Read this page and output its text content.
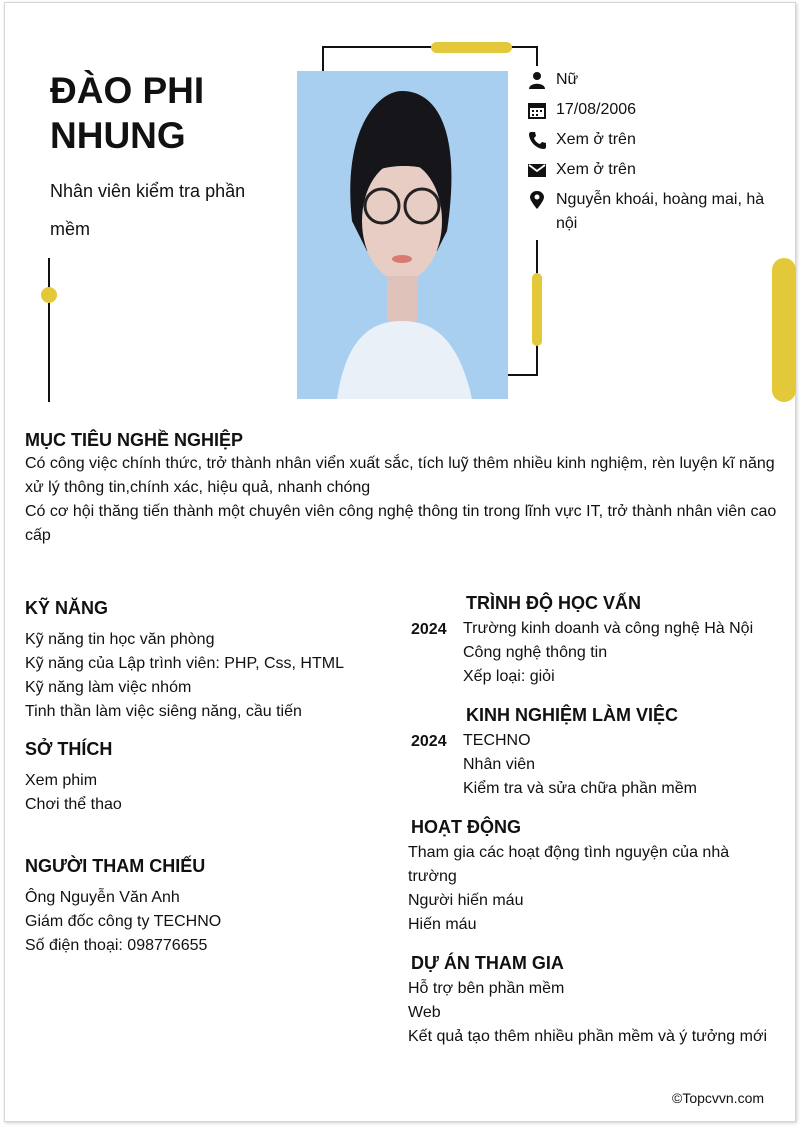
ĐÀO PHI NHUNG
Nhân viên kiểm tra phần mềm
Nữ
17/08/2006
Xem ở trên
Xem ở trên
Nguyễn khoái, hoàng mai, hà nội
MỤC TIÊU NGHỀ NGHIỆP
Có công việc chính thức, trở thành nhân viển xuất sắc, tích luỹ thêm nhiều kinh nghiệm, rèn luyện kĩ năng xử lý thông tin,chính xác, hiệu quả, nhanh chóng
Có cơ hội thăng tiến thành một chuyên viên công nghệ thông tin trong lĩnh vực IT, trở thành nhân viên cao cấp
KỸ NĂNG
Kỹ năng tin học văn phòng
Kỹ năng của Lập trình viên: PHP, Css, HTML
Kỹ năng làm việc nhóm
Tinh thần làm việc siêng năng, cầu tiến
SỞ THÍCH
Xem phim
Chơi thể thao
NGƯỜI THAM CHIẾU
Ông Nguyễn Văn Anh
Giám đốc công ty TECHNO
Số điện thoại: 098776655
TRÌNH ĐỘ HỌC VẤN
2024 Trường kinh doanh và công nghệ Hà Nội
Công nghệ thông tin
Xếp loại: giỏi
KINH NGHIỆM LÀM VIỆC
2024 TECHNO
Nhân viên
Kiểm tra và sửa chữa phần mềm
HOẠT ĐỘNG
Tham gia các hoạt động tình nguyện của nhà trường
Người hiến máu
Hiến máu
DỰ ÁN THAM GIA
Hỗ trợ bên phần mềm
Web
Kết quả tạo thêm nhiều phần mềm và ý tưởng mới
©Topcvvn.com
